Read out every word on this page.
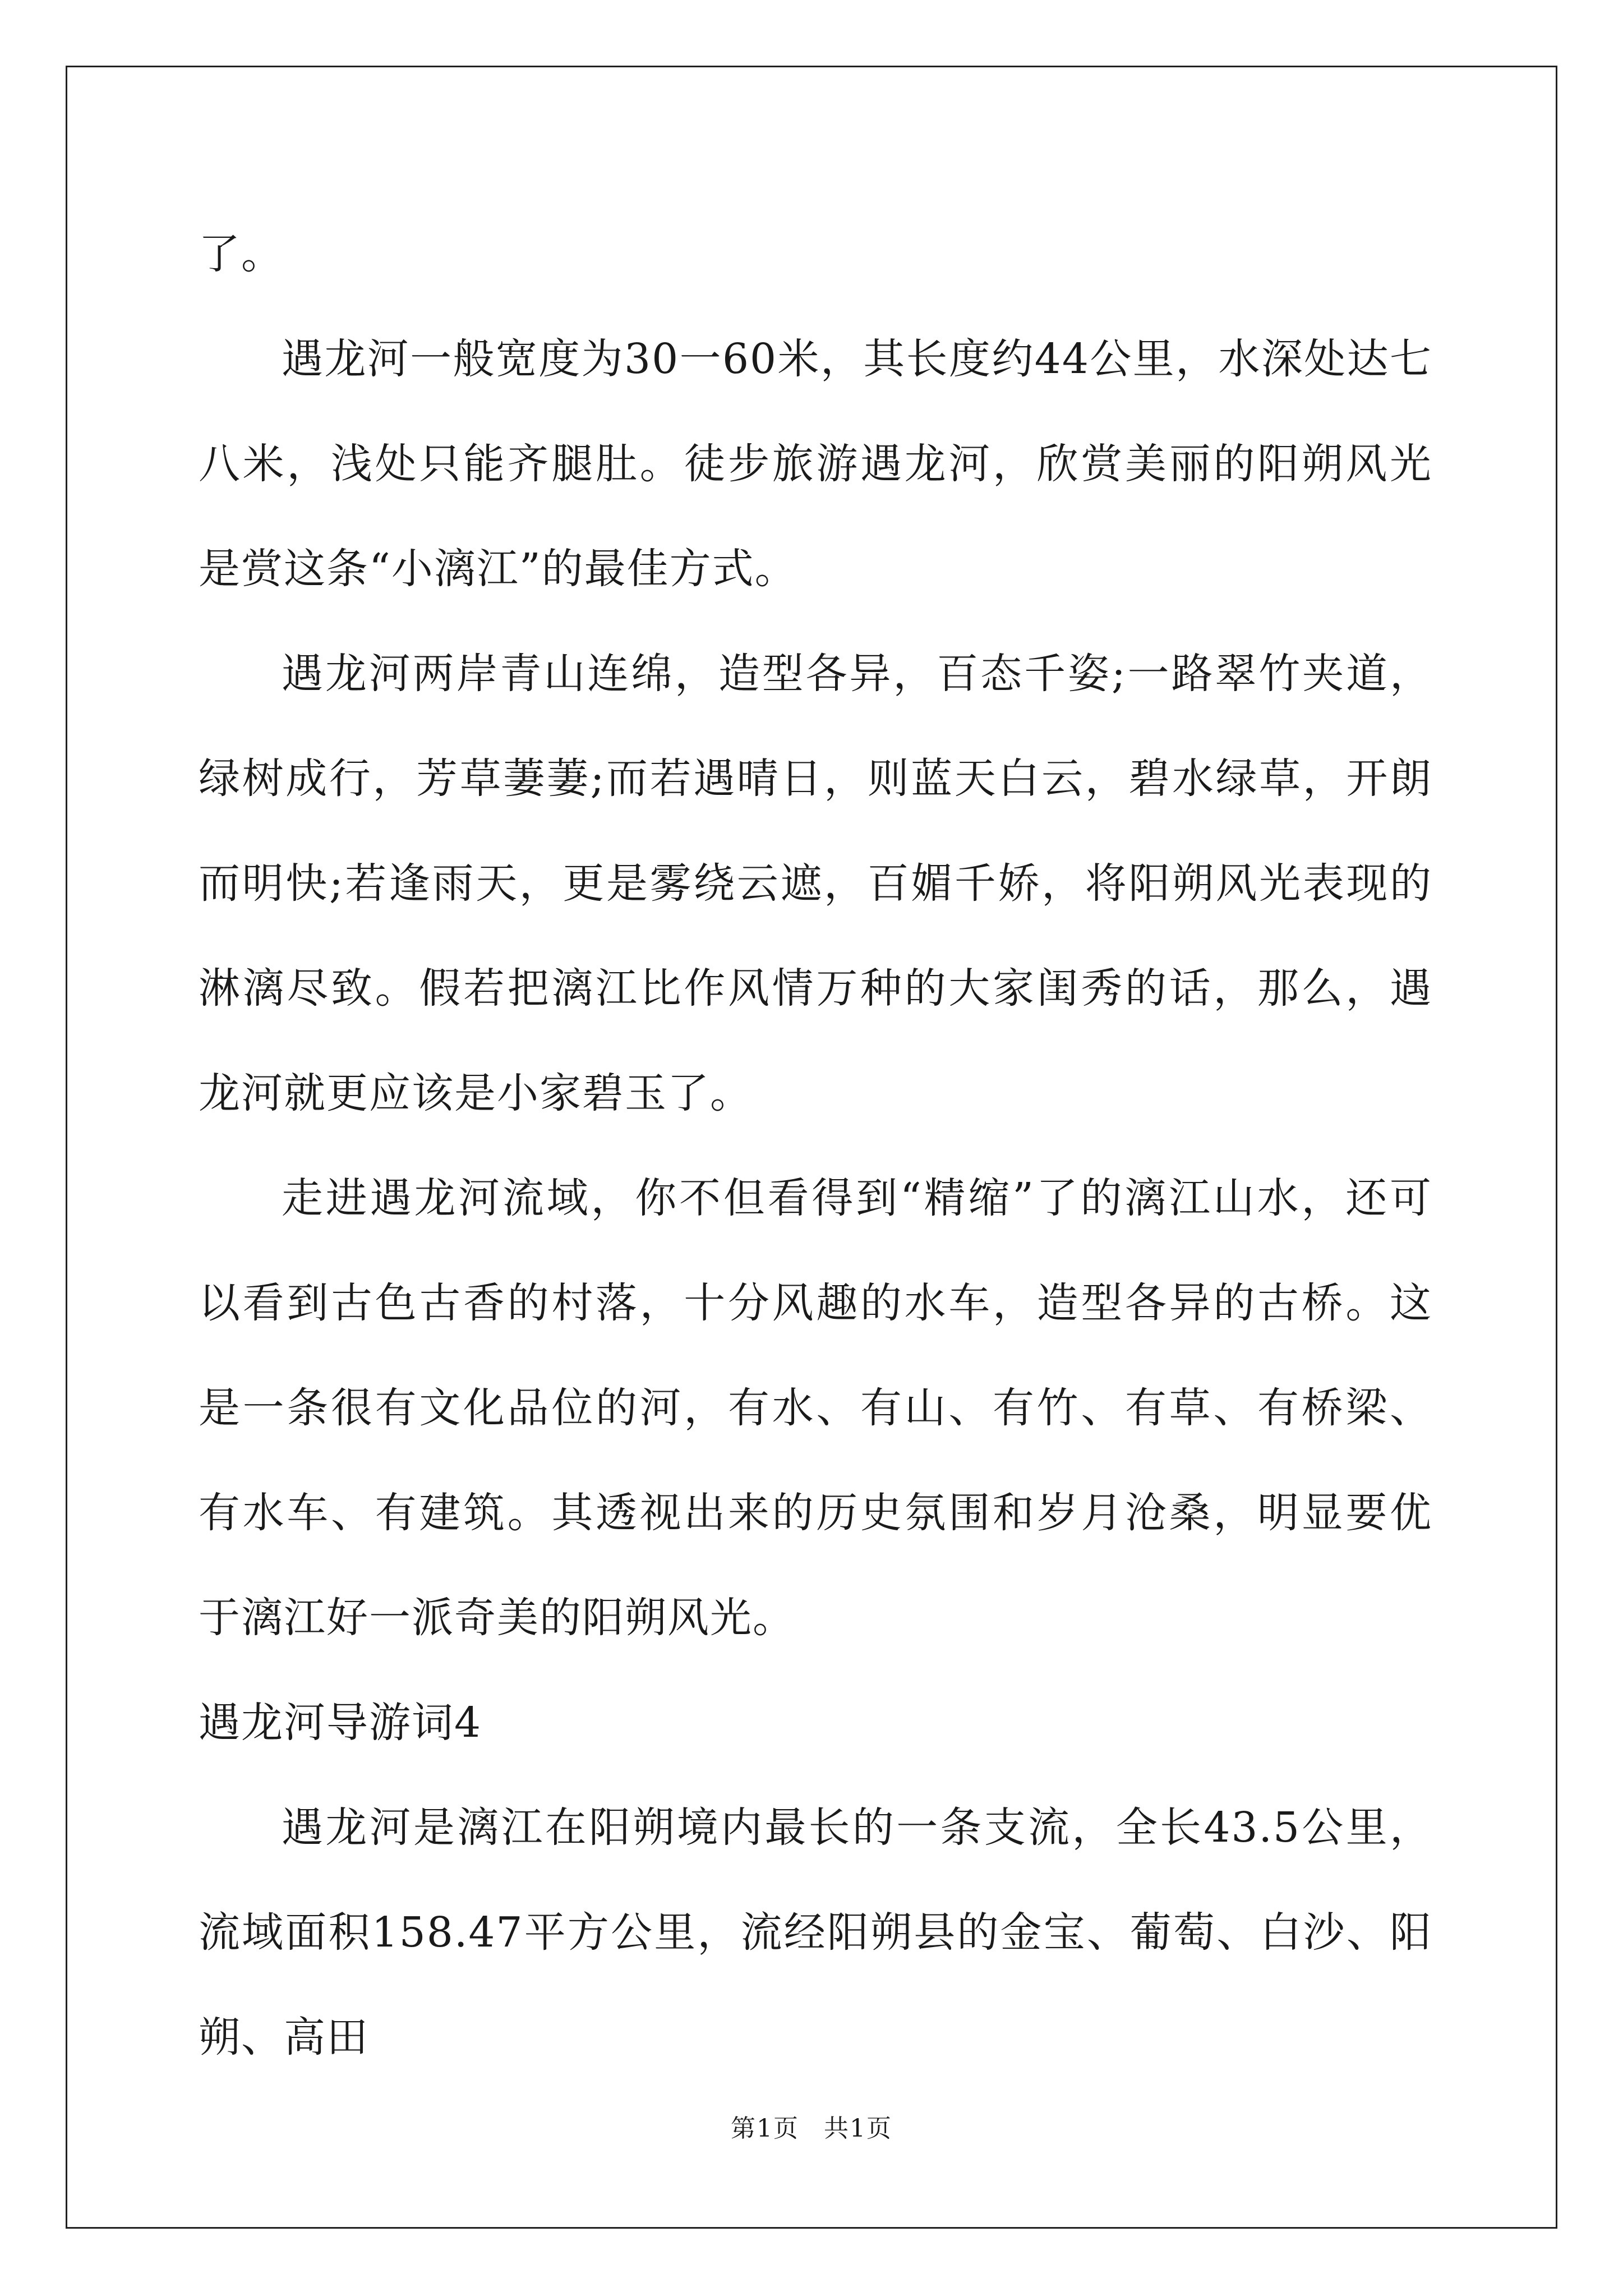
了。

遇龙河一般宽度为30一60米，其长度约44公里，水深处达七八米，浅处只能齐腿肚。徒步旅游遇龙河，欣赏美丽的阳朔风光是赏这条“小漓江”的最佳方式。

遇龙河两岸青山连绵，造型各异，百态千姿;一路翠竹夹道，绿树成行，芳草萋萋;而若遇晴日，则蓝天白云，碧水绿草，开朗而明快;若逢雨天，更是雾绕云遮，百媚千娇，将阳朔风光表现的淋漓尽致。假若把漓江比作风情万种的大家闺秀的话，那么，遇龙河就更应该是小家碧玉了。

走进遇龙河流域，你不但看得到“精缩”了的漓江山水，还可以看到古色古香的村落，十分风趣的水车，造型各异的古桥。这是一条很有文化品位的河，有水、有山、有竹、有草、有桥梁、有水车、有建筑。其透视出来的历史氛围和岁月沧桑，明显要优于漓江好一派奇美的阳朔风光。

遇龙河导游词4

遇龙河是漓江在阳朔境内最长的一条支流，全长43.5公里，流域面积158.47平方公里，流经阳朔县的金宝、葡萄、白沙、阳朔、高田

第1页 共1页
